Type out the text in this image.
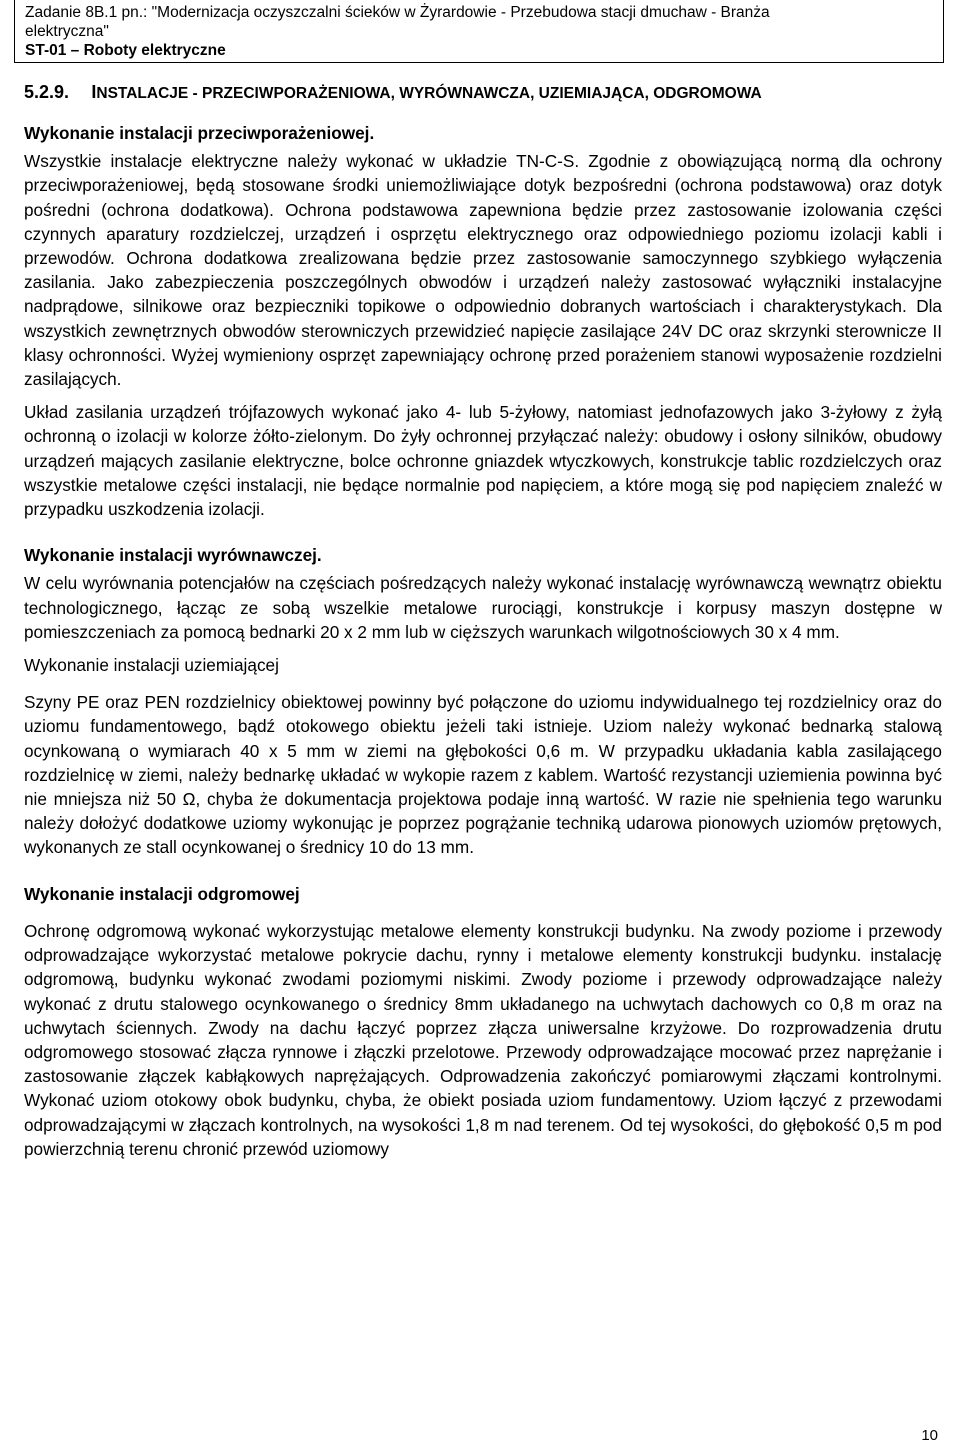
Zadanie 8B.1 pn.: "Modernizacja oczyszczalni ścieków w Żyrardowie - Przebudowa stacji dmuchaw - Branża
elektryczna"
ST-01 – Roboty elektryczne
5.2.9. INSTALACJE - PRZECIWPORAŻENIOWA, WYRÓWNAWCZA, UZIEMIAJĄCA, ODGROMOWA
Wykonanie instalacji przeciwporażeniowej.

Wszystkie instalacje elektryczne należy wykonać w układzie TN-C-S. Zgodnie z obowiązującą normą dla ochrony przeciwporażeniowej, będą stosowane środki uniemożliwiające dotyk bezpośredni (ochrona podstawowa) oraz dotyk pośredni (ochrona dodatkowa). Ochrona podstawowa zapewniona będzie przez zastosowanie izolowania części czynnych aparatury rozdzielczej, urządzeń i osprzętu elektrycznego oraz odpowiedniego poziomu izolacji kabli i przewodów. Ochrona dodatkowa zrealizowana będzie przez zastosowanie samoczynnego szybkiego wyłączenia zasilania. Jako zabezpieczenia poszczególnych obwodów i urządzeń należy zastosować wyłączniki instalacyjne nadprądowe, silnikowe oraz bezpieczniki topikowe o odpowiednio dobranych wartościach i charakterystykach. Dla wszystkich zewnętrznych obwodów sterowniczych przewidzieć napięcie zasilające 24V DC oraz skrzynki sterownicze II klasy ochronności. Wyżej wymieniony osprzęt zapewniający ochronę przed porażeniem stanowi wyposażenie rozdzielni zasilających.

Układ zasilania urządzeń trójfazowych wykonać jako 4- lub 5-żyłowy, natomiast jednofazowych jako 3-żyłowy z żyłą ochronną o izolacji w kolorze żółto-zielonym. Do żyły ochronnej przyłączać należy: obudowy i osłony silników, obudowy urządzeń mających zasilanie elektryczne, bolce ochronne gniazdek wtyczkowych, konstrukcje tablic rozdzielczych oraz wszystkie metalowe części instalacji, nie będące normalnie pod napięciem, a które mogą się pod napięciem znaleźć w przypadku uszkodzenia izolacji.

Wykonanie instalacji wyrównawczej.

W celu wyrównania potencjałów na częściach pośredzących należy wykonać instalację wyrównawczą wewnątrz obiektu technologicznego, łącząc ze sobą wszelkie metalowe rurociągi, konstrukcje i korpusy maszyn dostępne w pomieszczeniach za pomocą bednarki 20 x 2 mm lub w cięższych warunkach wilgotnościowych 30 x 4 mm.

Wykonanie instalacji uziemiającej

Szyny PE oraz PEN rozdzielnicy obiektowej powinny być połączone do uziomu indywidualnego tej rozdzielnicy oraz do uziomu fundamentowego, bądź otokowego obiektu jeżeli taki istnieje. Uziom należy wykonać bednarką stalową ocynkowaną o wymiarach 40 x 5 mm w ziemi na głębokości 0,6 m. W przypadku układania kabla zasilającego rozdzielnicę w ziemi, należy bednarkę układać w wykopie razem z kablem. Wartość rezystancji uziemienia powinna być nie mniejsza niż 50 Ω, chyba że dokumentacja projektowa podaje inną wartość. W razie nie spełnienia tego warunku należy dołożyć dodatkowe uziomy wykonując je poprzez pogrążanie techniką udarowa pionowych uziomów prętowych, wykonanych ze stall ocynkowanej o średnicy 10 do 13 mm.

Wykonanie instalacji odgromowej

Ochronę odgromową wykonać wykorzystując metalowe elementy konstrukcji budynku. Na zwody poziome i przewody odprowadzające wykorzystać metalowe pokrycie dachu, rynny i metalowe elementy konstrukcji budynku. instalację odgromową, budynku wykonać zwodami poziomymi niskimi. Zwody poziome i przewody odprowadzające należy wykonać z drutu stalowego ocynkowanego o średnicy 8mm układanego na uchwytach dachowych co 0,8 m oraz na uchwytach ściennych. Zwody na dachu łączyć poprzez złącza uniwersalne krzyżowe. Do rozprowadzenia drutu odgromowego stosować złącza rynnowe i złączki przelotowe. Przewody odprowadzające mocować przez naprężanie i zastosowanie złączek kabłąkowych naprężających. Odprowadzenia zakończyć pomiarowymi złączami kontrolnymi. Wykonać uziom otokowy obok budynku, chyba, że obiekt posiada uziom fundamentowy. Uziom łączyć z przewodami odprowadzającymi w złączach kontrolnych, na wysokości 1,8 m nad terenem. Od tej wysokości, do głębokość 0,5 m pod powierzchnią terenu chronić przewód uziomowy

10
